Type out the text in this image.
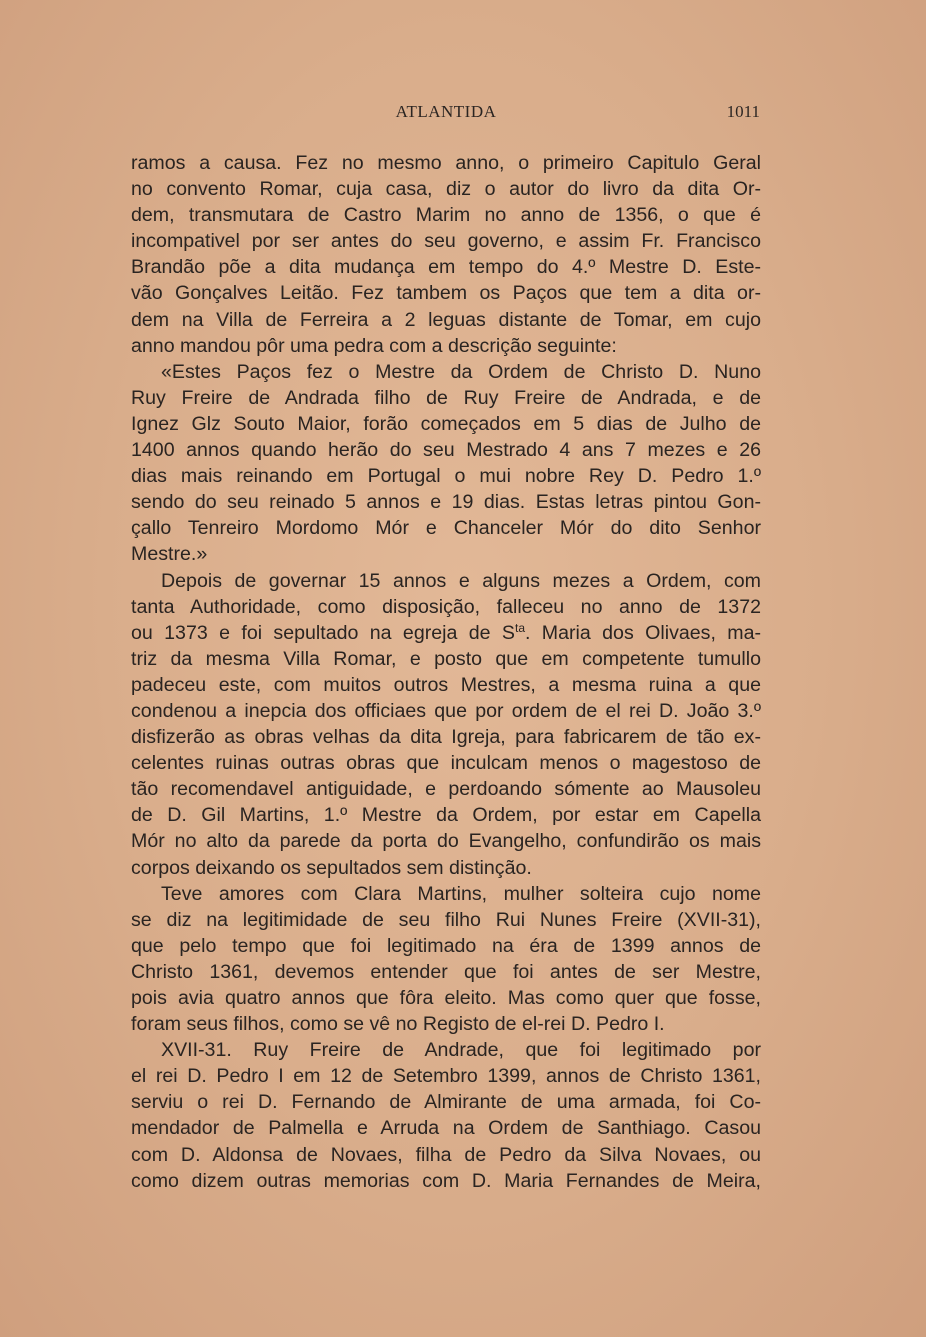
ATLANTIDA	1011
ramos a causa. Fez no mesmo anno, o primeiro Capitulo Geral
no convento Romar, cuja casa, diz o autor do livro da dita Or-
dem, transmutara de Castro Marim no anno de 1356, o que é
incompativel por ser antes do seu governo, e assim Fr. Francisco
Brandão põe a dita mudança em tempo do 4.º Mestre D. Este-
vão Gonçalves Leitão. Fez tambem os Paços que tem a dita or-
dem na Villa de Ferreira a 2 leguas distante de Tomar, em cujo
anno mandou pôr uma pedra com a descrição seguinte:
«Estes Paços fez o Mestre da Ordem de Christo D. Nuno
Ruy Freire de Andrada filho de Ruy Freire de Andrada, e de
Ignez Glz Souto Maior, forão começados em 5 dias de Julho de
1400 annos quando herão do seu Mestrado 4 ans 7 mezes e 26
dias mais reinando em Portugal o mui nobre Rey D. Pedro 1.º
sendo do seu reinado 5 annos e 19 dias. Estas letras pintou Gon-
çallo Tenreiro Mordomo Mór e Chanceler Mór do dito Senhor
Mestre.»
Depois de governar 15 annos e alguns mezes a Ordem, com
tanta Authoridade, como disposição, falleceu no anno de 1372
ou 1373 e foi sepultado na egreja de $S^{ta}$. Maria dos Olivaes, ma-
triz da mesma Villa Romar, e posto que em competente tumullo
padeceu este, com muitos outros Mestres, a mesma ruina a que
condenou a inepcia dos officiaes que por ordem de el rei D. João 3.º
disfizerão as obras velhas da dita Igreja, para fabricarem de tão ex-
celentes ruinas outras obras que inculcam menos o magestoso de
tão recomendavel antiguidade, e perdoando sómente ao Mausoleu
de D. Gil Martins, 1.º Mestre da Ordem, por estar em Capella
Mór no alto da parede da porta do Evangelho, confundirão os mais
corpos deixando os sepultados sem distinção.
Teve amores com Clara Martins, mulher solteira cujo nome
se diz na legitimidade de seu filho Rui Nunes Freire (XVII-31),
que pelo tempo que foi legitimado na éra de 1399 annos de
Christo 1361, devemos entender que foi antes de ser Mestre,
pois avia quatro annos que fôra eleito. Mas como quer que fosse,
foram seus filhos, como se vê no Registo de el-rei D. Pedro I.
XVII-31. Ruy Freire de Andrade, que foi legitimado por
el rei D. Pedro I em 12 de Setembro 1399, annos de Christo 1361,
serviu o rei D. Fernando de Almirante de uma armada, foi Co-
mendador de Palmella e Arruda na Ordem de Santhiago. Casou
com D. Aldonsa de Novaes, filha de Pedro da Silva Novaes, ou
como dizem outras memorias com D. Maria Fernandes de Meira,
